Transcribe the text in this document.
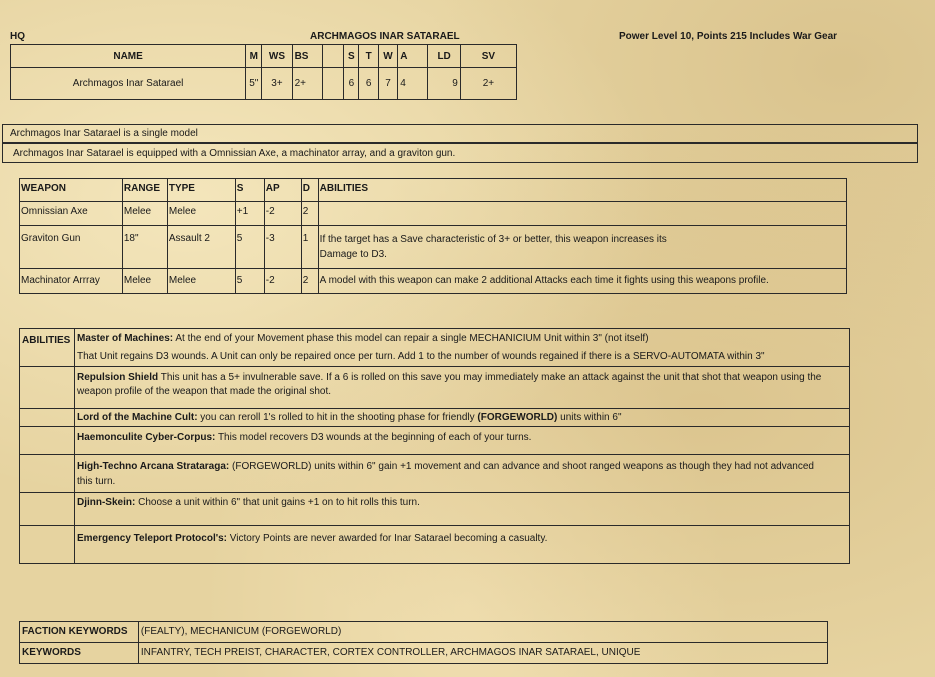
HQ	ARCHMAGOS INAR SATARAEL	Power Level 10, Points 215 Includes War Gear
NAME	M	WS	BS		S	T	W	A	LD	SV
Archmagos Inar Satarael	5"	3+	2+		6	6	7	4	9	2+
Archmagos Inar Satarael is a single model
Archmagos Inar Satarael is equipped with a Omnissian Axe, a machinator array, and a graviton gun.
WEAPON	RANGE	TYPE	S	AP	D	ABILITIES
Omnissian Axe	Melee	Melee	+1	-2	2	
Graviton Gun	18"	Assault 2	5	-3	1	If the target has a Save characteristic of 3+ or better, this weapon increases its Damage to D3.
Machinator Arrray	Melee	Melee	5	-2	2	A model with this weapon can make 2 additional Attacks each time it fights using this weapons profile.
ABILITIES	Master of Machines: At the end of your Movement phase this model can repair a single MECHANICIUM Unit within 3" (not itself)
That Unit regains D3 wounds. A Unit can only be repaired once per turn. Add 1 to the number of wounds regained if there is a SERVO-AUTOMATA within 3"
	Repulsion Shield This unit has a 5+ invulnerable save. If a 6 is rolled on this save you may immediately make an attack against the unit that shot that weapon using the weapon profile of the weapon that made the original shot.
	Lord of the Machine Cult: you can reroll 1's rolled to hit in the shooting phase for friendly (FORGEWORLD) units within 6"
	Haemonculite Cyber-Corpus: This model recovers D3 wounds at the beginning of each of your turns.
	High-Techno Arcana Strataraga: (FORGEWORLD) units within 6" gain +1 movement and can advance and shoot ranged weapons as though they had not advanced this turn.
	Djinn-Skein: Choose a unit within 6" that unit gains +1 on to hit rolls this turn.
	Emergency Teleport Protocol's: Victory Points are never awarded for Inar Satarael becoming a casualty.
FACTION KEYWORDS	(FEALTY), MECHANICUM (FORGEWORLD)
KEYWORDS	INFANTRY, TECH PREIST, CHARACTER, CORTEX CONTROLLER, ARCHMAGOS INAR SATARAEL, UNIQUE
